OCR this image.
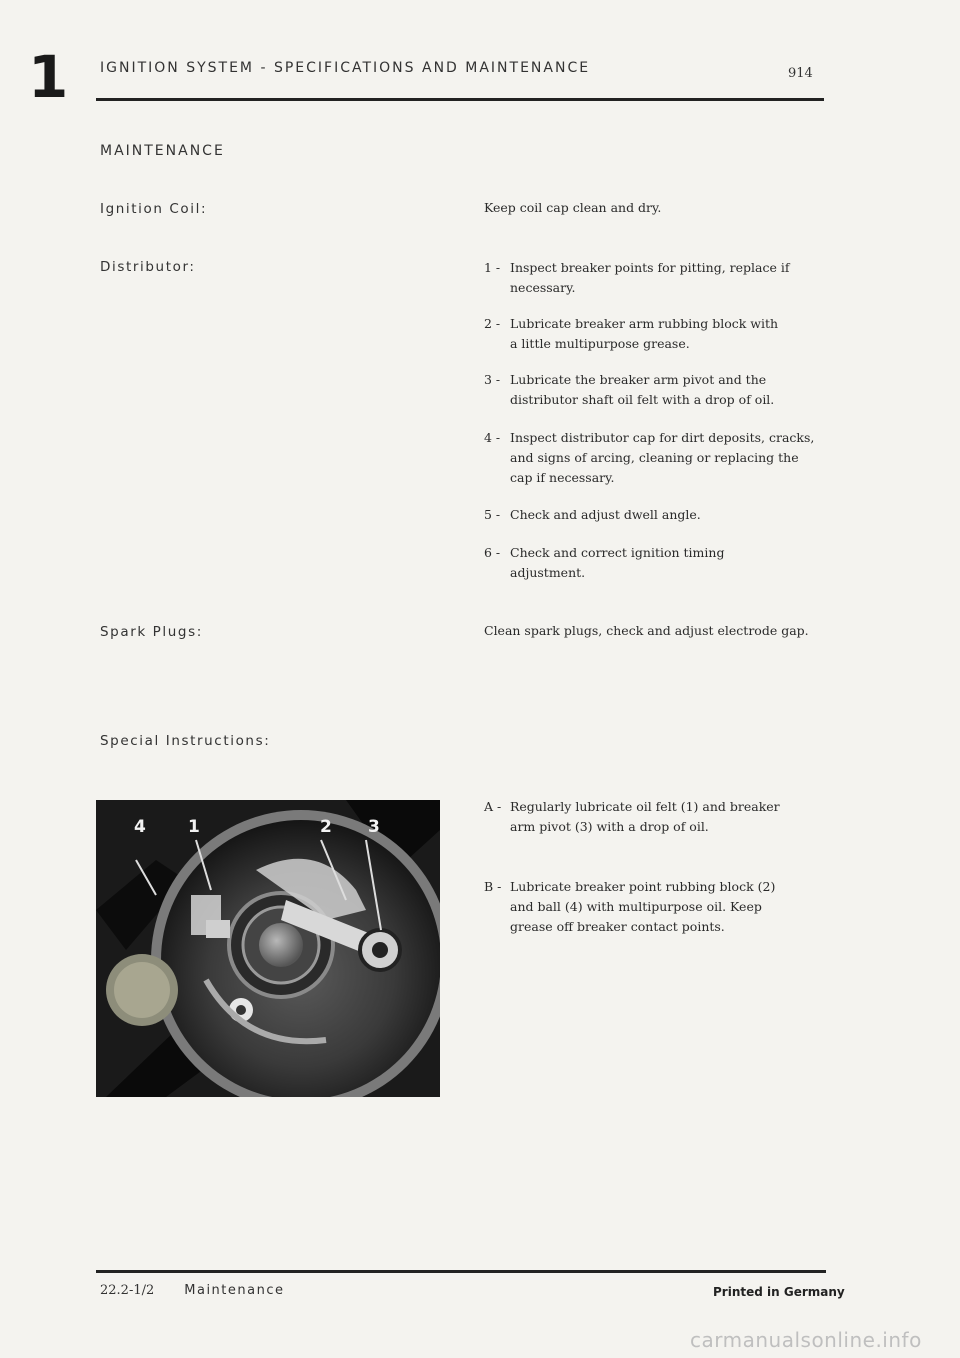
1 IGNITION SYSTEM - SPECIFICATIONS AND MAINTENANCE	914
MAINTENANCE
Ignition Coil:	Keep coil cap clean and dry.
Distributor:	1 - Inspect breaker points for pitting, replace if
necessary.
2 - Lubricate breaker arm rubbing block with
a little multipurpose grease.
3 - Lubricate the breaker arm pivot and the
distributor shaft oil felt with a drop of oil.
4 - Inspect distributor cap for dirt deposits, cracks,
and signs of arcing, cleaning or replacing the
cap if necessary.
5 - Check and adjust dwell angle.
6 - Check and correct ignition timing
adjustment.
Spark Plugs:	Clean spark plugs, check and adjust electrode gap.
Special Instructions:
4 1	2 3
A - Regularly lubricate oil felt (1) and breaker
arm pivot (3) with a drop of oil.
B - Lubricate breaker point rubbing block (2)
and ball (4) with multipurpose oil. Keep
grease off breaker contact points.
22.2-1/2 Maintenance	Printed in Germany
carmanualsonline.info
